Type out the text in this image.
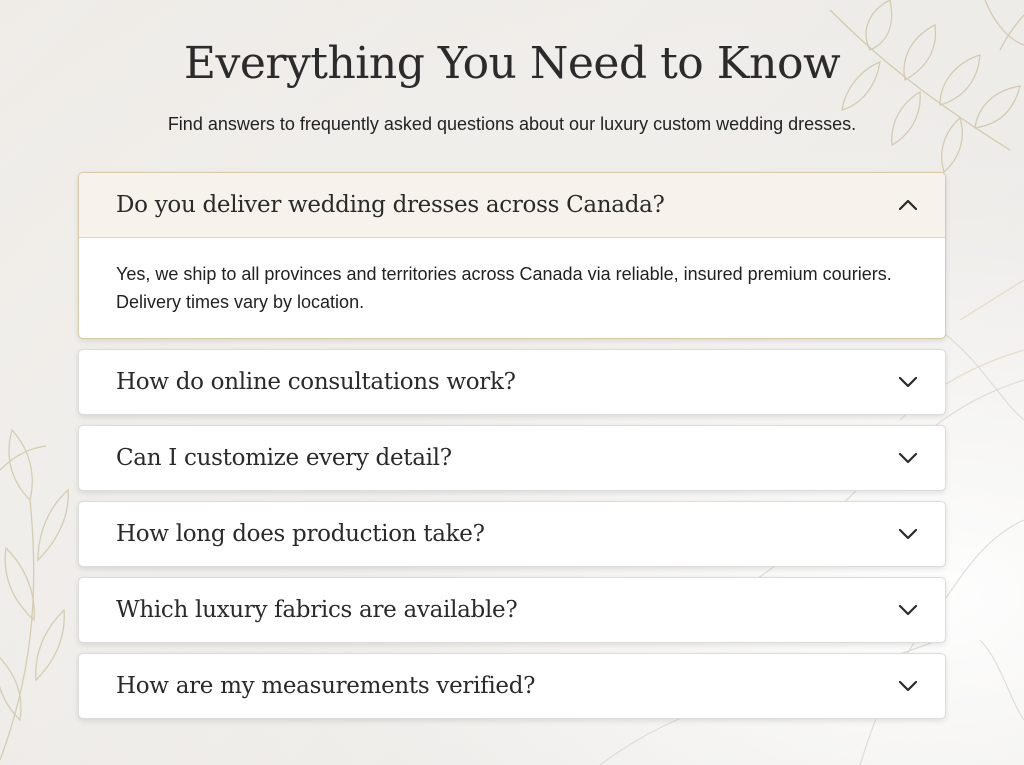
Everything You Need to Know

Find answers to frequently asked questions about our luxury custom wedding dresses.

Do you deliver wedding dresses across Canada?
Yes, we ship to all provinces and territories across Canada via reliable, insured premium couriers. Delivery times vary by location.
How do online consultations work?
Can I customize every detail?
How long does production take?
Which luxury fabrics are available?
How are my measurements verified?
